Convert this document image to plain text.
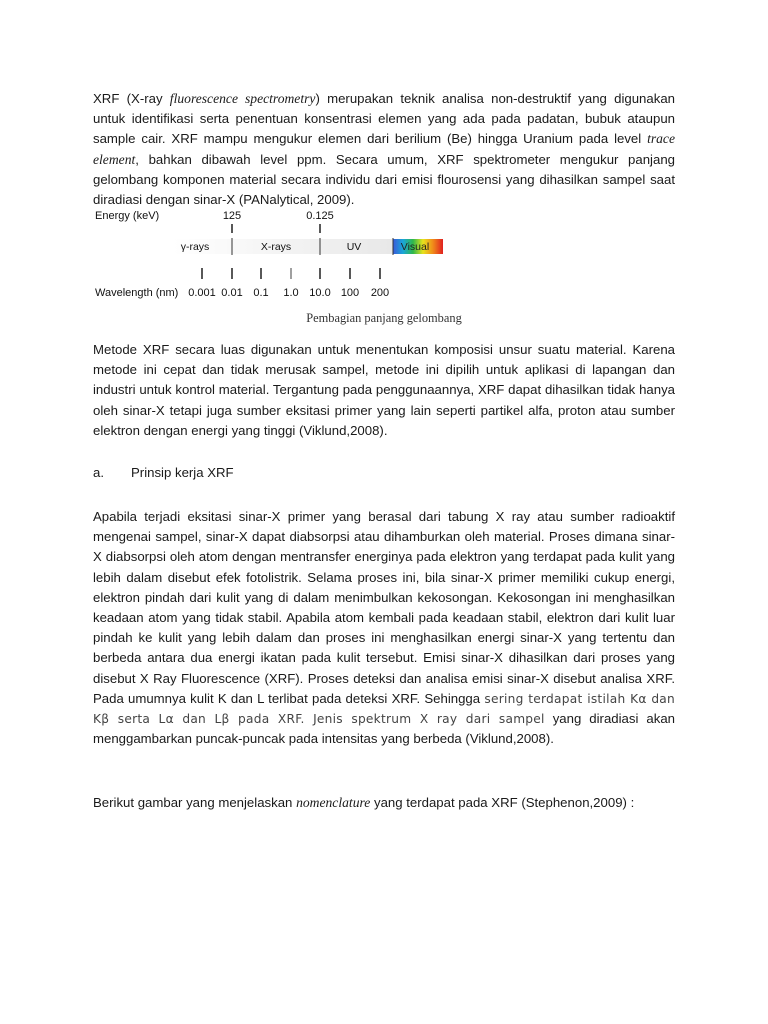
XRF (X-ray fluorescence spectrometry) merupakan teknik analisa non-destruktif yang digunakan untuk identifikasi serta penentuan konsentrasi elemen yang ada pada padatan, bubuk ataupun sample cair. XRF mampu mengukur elemen dari berilium (Be) hingga Uranium pada level trace element, bahkan dibawah level ppm. Secara umum, XRF spektrometer mengukur panjang gelombang komponen material secara individu dari emisi flourosensi yang dihasilkan sampel saat diradiasi dengan sinar-X (PANalytical, 2009).

Energy (keV)	125	0.125
γ-rays	X-rays	UV	Visual
Wavelength (nm) 0.001 0.01 0.1 1.0 10.0 100 200
Pembagian panjang gelombang

Metode XRF secara luas digunakan untuk menentukan komposisi unsur suatu material. Karena metode ini cepat dan tidak merusak sampel, metode ini dipilih untuk aplikasi di lapangan dan industri untuk kontrol material. Tergantung pada penggunaannya, XRF dapat dihasilkan tidak hanya oleh sinar-X tetapi juga sumber eksitasi primer yang lain seperti partikel alfa, proton atau sumber elektron dengan energi yang tinggi (Viklund,2008).

a. Prinsip kerja XRF

Apabila terjadi eksitasi sinar-X primer yang berasal dari tabung X ray atau sumber radioaktif mengenai sampel, sinar-X dapat diabsorpsi atau dihamburkan oleh material. Proses dimana sinar-X diabsorpsi oleh atom dengan mentransfer energinya pada elektron yang terdapat pada kulit yang lebih dalam disebut efek fotolistrik. Selama proses ini, bila sinar-X primer memiliki cukup energi, elektron pindah dari kulit yang di dalam menimbulkan kekosongan. Kekosongan ini menghasilkan keadaan atom yang tidak stabil. Apabila atom kembali pada keadaan stabil, elektron dari kulit luar pindah ke kulit yang lebih dalam dan proses ini menghasilkan energi sinar-X yang tertentu dan berbeda antara dua energi ikatan pada kulit tersebut. Emisi sinar-X dihasilkan dari proses yang disebut X Ray Fluorescence (XRF). Proses deteksi dan analisa emisi sinar-X disebut analisa XRF. Pada umumnya kulit K dan L terlibat pada deteksi XRF. Sehingga sering terdapat istilah Kα dan Kβ serta Lα dan Lβ pada XRF. Jenis spektrum X ray dari sampel yang diradiasi akan menggambarkan puncak-puncak pada intensitas yang berbeda (Viklund,2008).

Berikut gambar yang menjelaskan nomenclature yang terdapat pada XRF (Stephenon,2009) :
